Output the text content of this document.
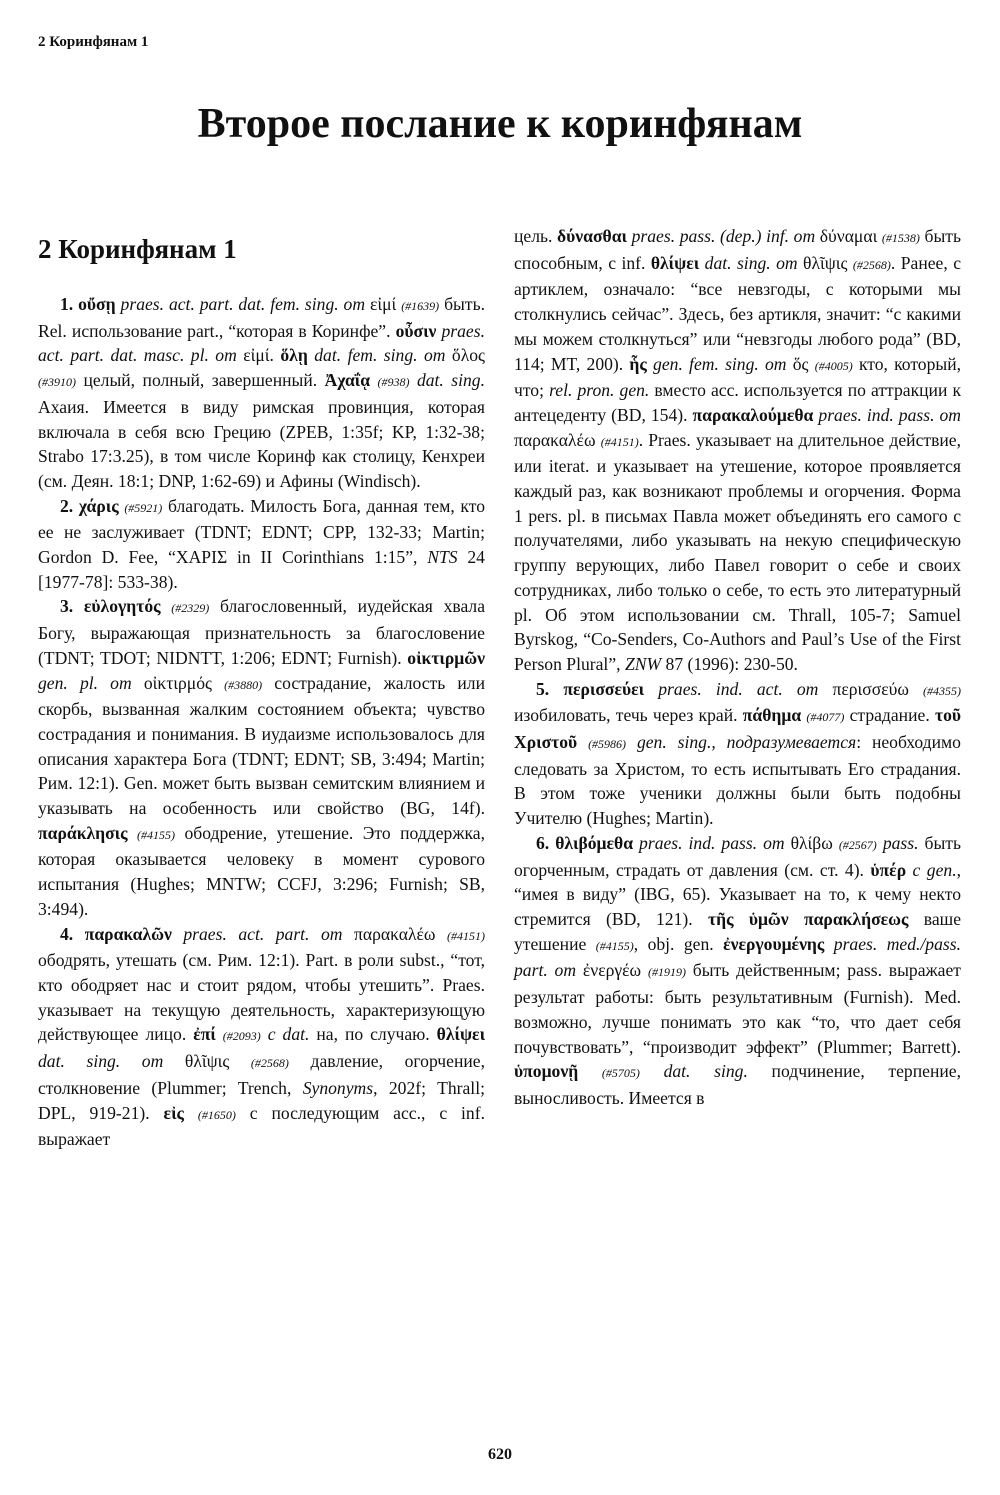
2 Коринфянам 1
Второе послание к коринфянам
2 Коринфянам 1

1. οὔσῃ praes. act. part. dat. fem. sing. от εἰμί (#1639) быть. Rel. использование part., “которая в Коринфе”. οὖσιν praes. act. part. dat. masc. pl. от εἰμί. ὅλῃ dat. fem. sing. от ὅλος (#3910) целый, полный, завершенный. Ἀχαΐᾳ (#938) dat. sing. Ахаия. Имеется в виду римская провинция, которая включала в себя всю Грецию (ZPEB, 1:35f; KP, 1:32-38; Strabo 17:3.25), в том числе Коринф как столицу, Кенхреи (см. Деян. 18:1; DNP, 1:62-69) и Афины (Windisch).

2. χάρις (#5921) благодать. Милость Бога, данная тем, кто ее не заслуживает (TDNT; EDNT; CPP, 132-33; Martin; Gordon D. Fee, “ΧΑΡΙΣ in II Corinthians 1:15”, NTS 24 [1977-78]: 533-38).

3. εὐλογητός (#2329) благословенный, иудейская хвала Богу, выражающая признательность за благословение (TDNT; TDOT; NIDNTT, 1:206; EDNT; Furnish). οἰκτιρμῶν gen. pl. от οἰκτιρμός (#3880) сострадание, жалость или скорбь, вызванная жалким состоянием объекта; чувство сострадания и понимания. В иудаизме использовалось для описания характера Бога (TDNT; EDNT; SB, 3:494; Martin; Рим. 12:1). Gen. может быть вызван семитским влиянием и указывать на особенность или свойство (BG, 14f). παράκλησις (#4155) ободрение, утешение. Это поддержка, которая оказывается человеку в момент сурового испытания (Hughes; MNTW; CCFJ, 3:296; Furnish; SB, 3:494).

4. παρακαλῶν praes. act. part. от παρακαλέω (#4151) ободрять, утешать (см. Рим. 12:1). Part. в роли subst., “тот, кто ободряет нас и стоит рядом, чтобы утешить”. Praes. указывает на текущую деятельность, характеризующую действующее лицо. ἐπί (#2093) c dat. на, по случаю. θλίψει dat. sing. от θλῖψις (#2568) давление, огорчение, столкновение (Plummer; Trench, Synonyms, 202f; Thrall; DPL, 919-21). εἰς (#1650) с последующим acc., с inf. выражает

цель. δύνασθαι praes. pass. (dep.) inf. от δύναμαι (#1538) быть способным, с inf. θλίψει dat. sing. от θλῖψις (#2568). Ранее, с артиклем, означало: “все невзгоды, с которыми мы столкнулись сейчас”. Здесь, без артикля, значит: “с какими мы можем столкнуться” или “невзгоды любого рода” (BD, 114; MT, 200). ἧς gen. fem. sing. от ὅς (#4005) кто, который, что; rel. pron. gen. вместо acc. используется по аттракции к антецеденту (BD, 154). παρακαλούμεθα praes. ind. pass. от παρακαλέω (#4151). Praes. указывает на длительное действие, или iterat. и указывает на утешение, которое проявляется каждый раз, как возникают проблемы и огорчения. Форма 1 pers. pl. в письмах Павла может объединять его самого с получателями, либо указывать на некую специфическую группу верующих, либо Павел говорит о себе и своих сотрудниках, либо только о себе, то есть это литературный pl. Об этом использовании см. Thrall, 105-7; Samuel Byrskog, “Co-Senders, Co-Authors and Paul’s Use of the First Person Plural”, ZNW 87 (1996): 230-50.

5. περισσεύει praes. ind. act. от περισσεύω (#4355) изобиловать, течь через край. πάθημα (#4077) страдание. τοῦ Χριστοῦ (#5986) gen. sing., подразумевается: необходимо следовать за Христом, то есть испытывать Его страдания. В этом тоже ученики должны были быть подобны Учителю (Hughes; Martin).

6. θλιβόμεθα praes. ind. pass. от θλίβω (#2567) pass. быть огорченным, страдать от давления (см. ст. 4). ὑπέρ c gen., “имея в виду” (IBG, 65). Указывает на то, к чему некто стремится (BD, 121). τῆς ὑμῶν παρακλήσεως ваше утешение (#4155), obj. gen. ἐνεργουμένης praes. med./pass. part. от ἐνεργέω (#1919) быть действенным; pass. выражает результат работы: быть результативным (Furnish). Med. возможно, лучше понимать это как “то, что дает себя почувствовать”, “производит эффект” (Plummer; Barrett). ὑπομονῇ (#5705) dat. sing. подчинение, терпение, выносливость. Имеется в

620
